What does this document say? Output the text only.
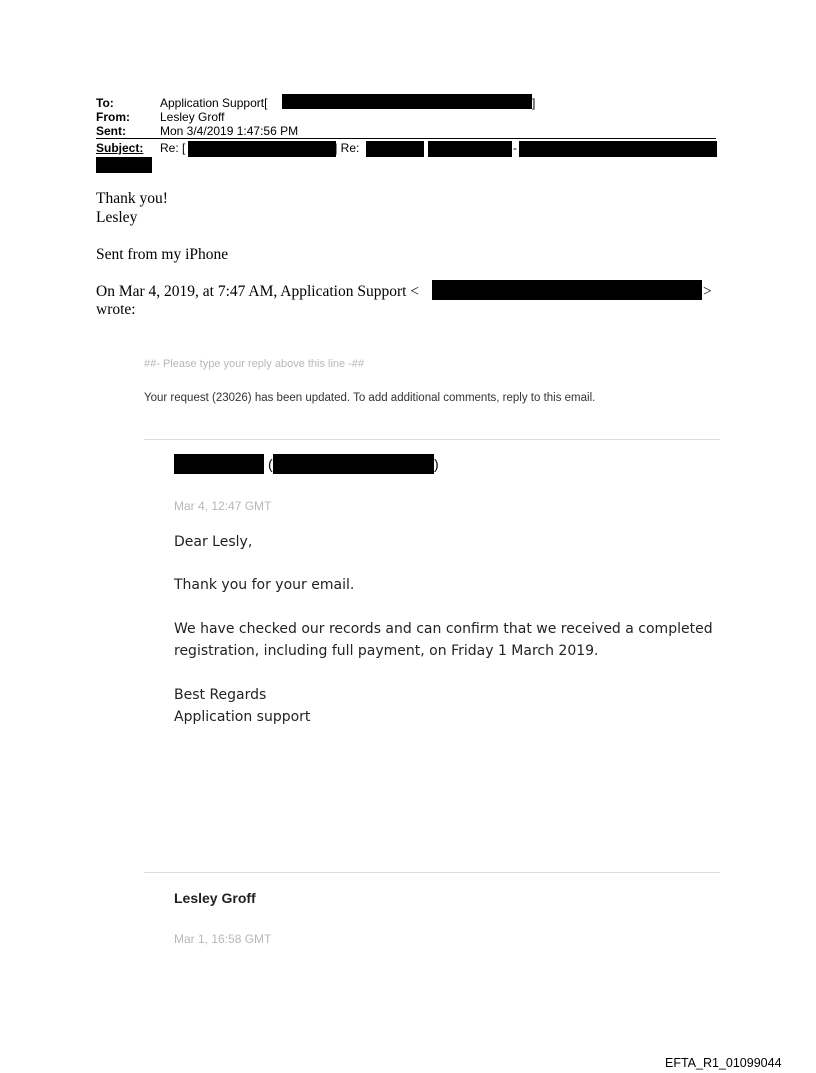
To:	Application Support[	]
From:	Lesley Groff
Sent:	Mon 3/4/2019 1:47:56 PM
Subject: Re: [	] Re:	-
Thank you!
Lesley
Sent from my iPhone
On Mar 4, 2019, at 7:47 AM, Application Support <	>
wrote:
##- Please type your reply above this line -##
Your request (23026) has been updated. To add additional comments, reply to this email.
(	)
Mar 4, 12:47 GMT
Dear Lesly,
Thank you for your email.
We have checked our records and can confirm that we received a completed
registration, including full payment, on Friday 1 March 2019.
Best Regards
Application support
Lesley Groff
Mar 1, 16:58 GMT
EFTA_R1_01099044
